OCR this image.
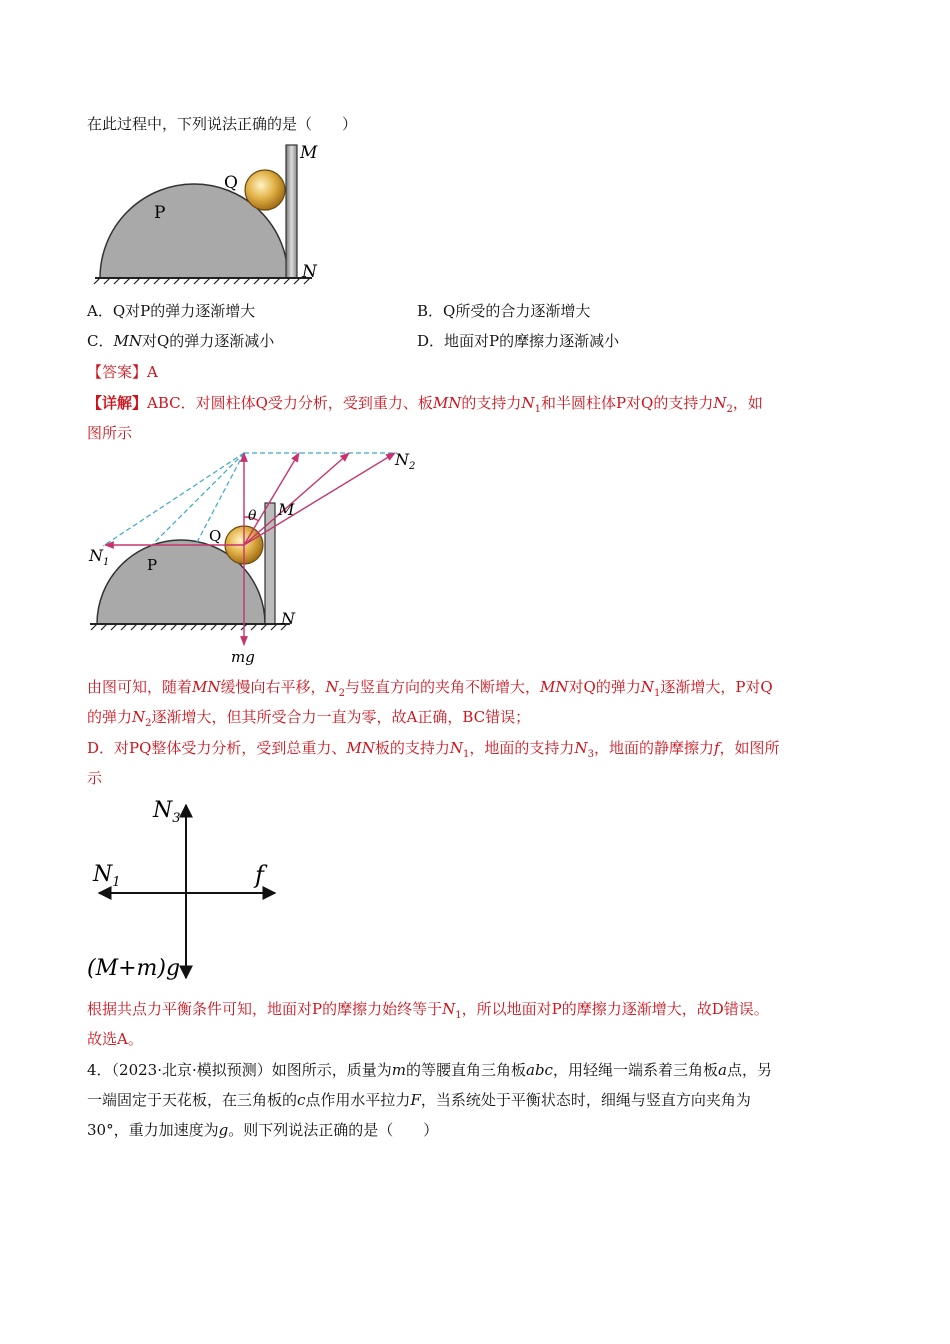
在此过程中，下列说法正确的是（　　）
Q
P
M
N
A．Q对P的弹力逐渐增大	B．Q所受的合力逐渐增大
C．MN对Q的弹力逐渐减小	D．地面对P的摩擦力逐渐减小
【答案】A
【详解】ABC．对圆柱体Q受力分析，受到重力、板MN的支持力$N_1$和半圆柱体P对Q的支持力$N_2$，如
图所示
$N_1$
$N_2$
P
Q
θ M
N
mg
由图可知，随着MN缓慢向右平移，$N_2$与竖直方向的夹角不断增大，MN对Q的弹力$N_1$逐渐增大，P对Q
的弹力$N_2$逐渐增大，但其所受合力一直为零，故A正确，BC错误；
D．对PQ整体受力分析，受到总重力、MN板的支持力$N_1$，地面的支持力$N_3$，地面的静摩擦力f，如图所
示
$N_3$
$N_1$	f
(M+m)g
根据共点力平衡条件可知，地面对P的摩擦力始终等于$N_1$，所以地面对P的摩擦力逐渐增大，故D错误。
故选A。
4．（2023·北京·模拟预测）如图所示，质量为m的等腰直角三角板abc，用轻绳一端系着三角板a点，另
一端固定于天花板，在三角板的c点作用水平拉力F，当系统处于平衡状态时，细绳与竖直方向夹角为
30°，重力加速度为g。则下列说法正确的是（　　）
